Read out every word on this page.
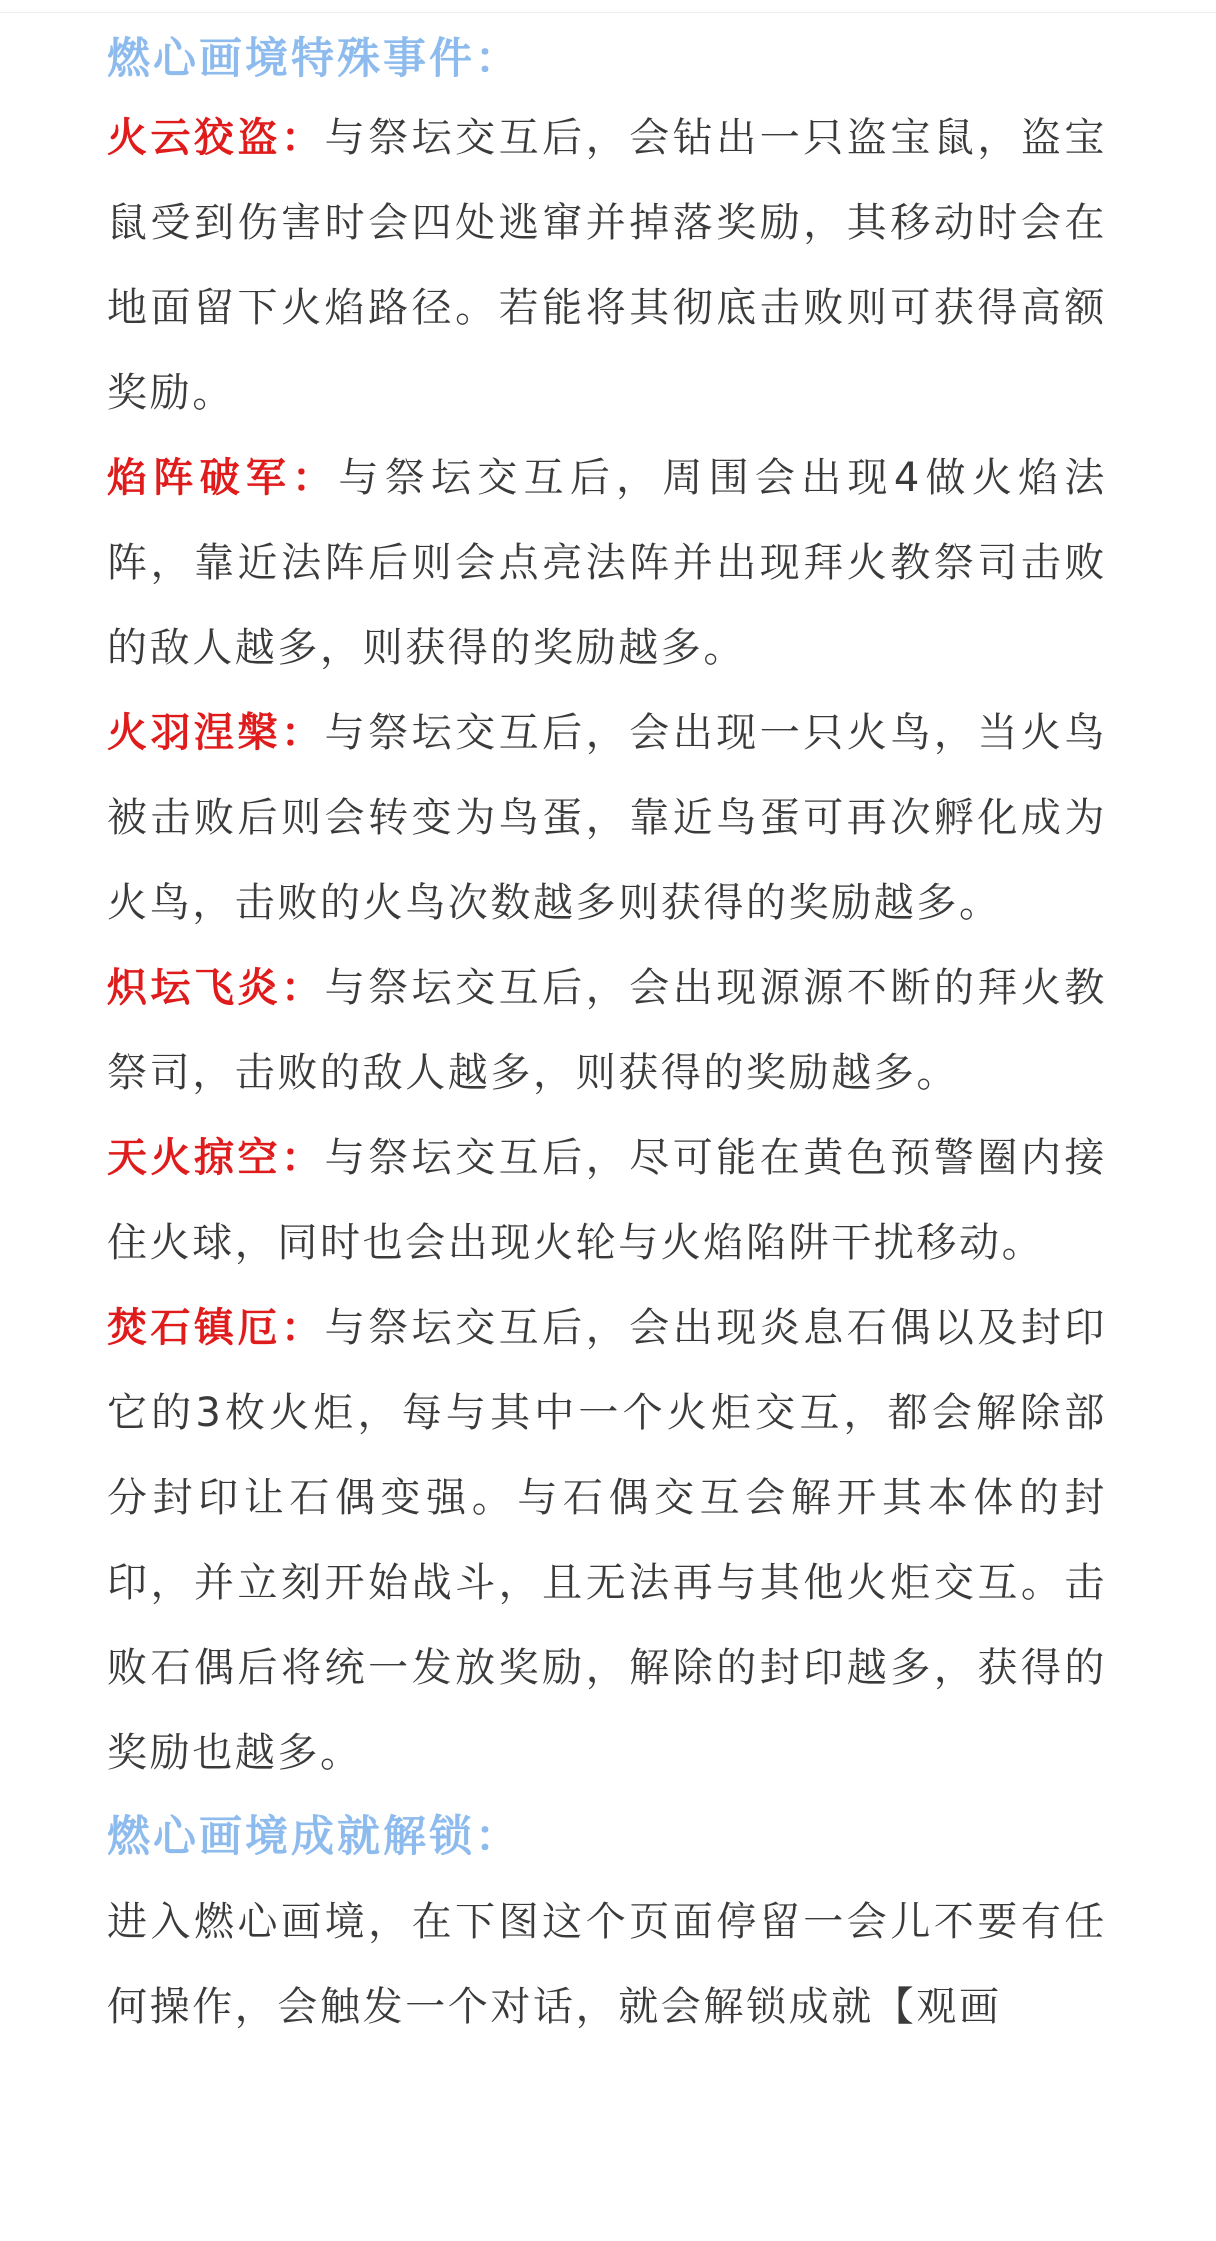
燃心画境特殊事件：

火云狡盗：与祭坛交互后，会钻出一只盗宝鼠，盗宝鼠受到伤害时会四处逃窜并掉落奖励，其移动时会在地面留下火焰路径。若能将其彻底击败则可获得高额奖励。

焰阵破军：与祭坛交互后，周围会出现4做火焰法阵，靠近法阵后则会点亮法阵并出现拜火教祭司击败的敌人越多，则获得的奖励越多。

火羽涅槃：与祭坛交互后，会出现一只火鸟，当火鸟被击败后则会转变为鸟蛋，靠近鸟蛋可再次孵化成为火鸟，击败的火鸟次数越多则获得的奖励越多。

炽坛飞炎：与祭坛交互后，会出现源源不断的拜火教祭司，击败的敌人越多，则获得的奖励越多。

天火掠空：与祭坛交互后，尽可能在黄色预警圈内接住火球，同时也会出现火轮与火焰陷阱干扰移动。

焚石镇厄：与祭坛交互后，会出现炎息石偶以及封印它的3枚火炬，每与其中一个火炬交互，都会解除部分封印让石偶变强。与石偶交互会解开其本体的封印，并立刻开始战斗，且无法再与其他火炬交互。击败石偶后将统一发放奖励，解除的封印越多，获得的奖励也越多。

燃心画境成就解锁：

进入燃心画境，在下图这个页面停留一会儿不要有任何操作，会触发一个对话，就会解锁成就【观画
